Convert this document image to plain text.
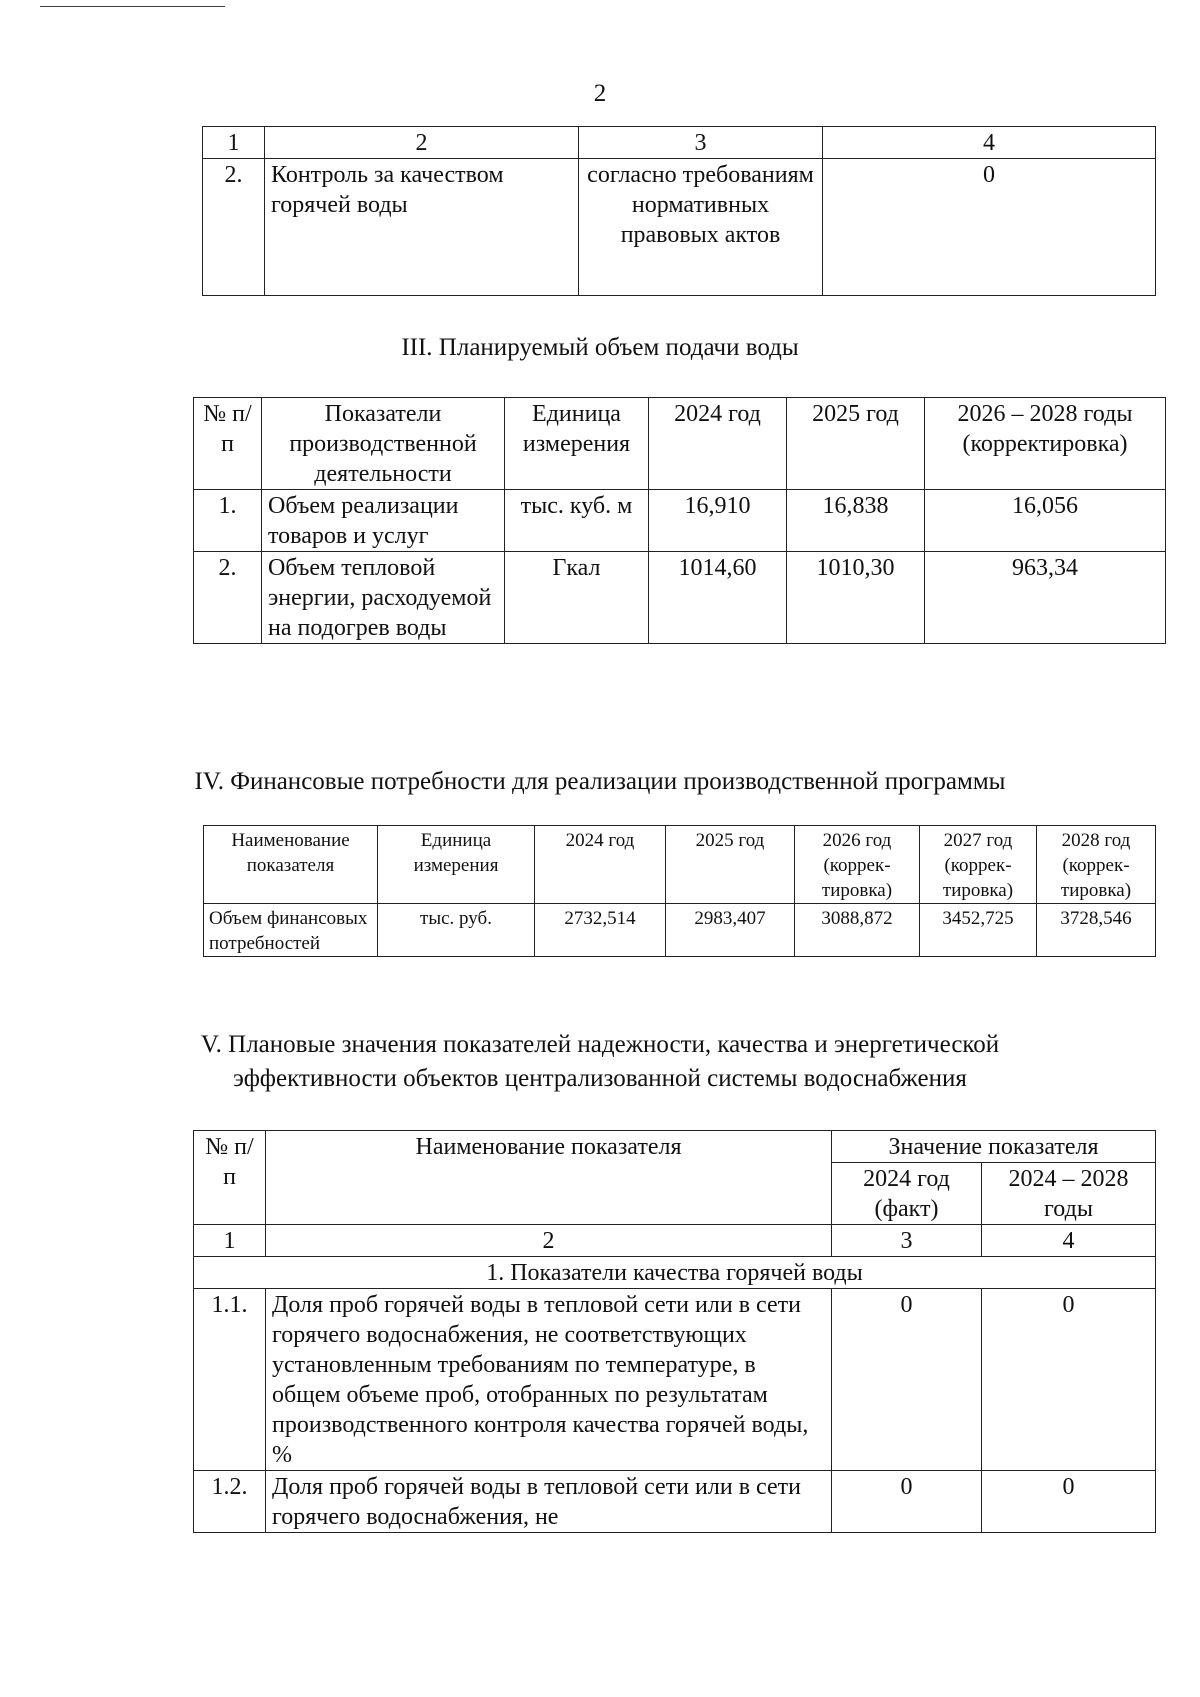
2
1	2	3	4
2.	Контроль за качеством горячей воды	согласно требованиям нормативных правовых актов	0
III. Планируемый объем подачи воды
№ п/п	Показатели производственной деятельности	Единица измерения	2024 год	2025 год	2026 – 2028 годы (корректировка)
1.	Объем реализации товаров и услуг	тыс. куб. м	16,910	16,838	16,056
2.	Объем тепловой энергии, расходуемой на подогрев воды	Гкал	1014,60	1010,30	963,34
IV. Финансовые потребности для реализации производственной программы
Наименование показателя	Единица измерения	2024 год	2025 год	2026 год (коррек-тировка)	2027 год (коррек-тировка)	2028 год (коррек-тировка)
Объем финансовых потребностей	тыс. руб.	2732,514	2983,407	3088,872	3452,725	3728,546
V. Плановые значения показателей надежности, качества и энергетической
эффективности объектов централизованной системы водоснабжения
№ п/п	Наименование показателя	Значение показателя	
		2024 год (факт)	2024 – 2028 годы
1	2	3	4
1. Показатели качества горячей воды			
1.1.	Доля проб горячей воды в тепловой сети или в сети горячего водоснабжения, не соответствующих установленным требованиям по температуре, в общем объеме проб, отобранных по результатам производственного контроля качества горячей воды, %	0	0
1.2.	Доля проб горячей воды в тепловой сети или в сети горячего водоснабжения, не	0	0
